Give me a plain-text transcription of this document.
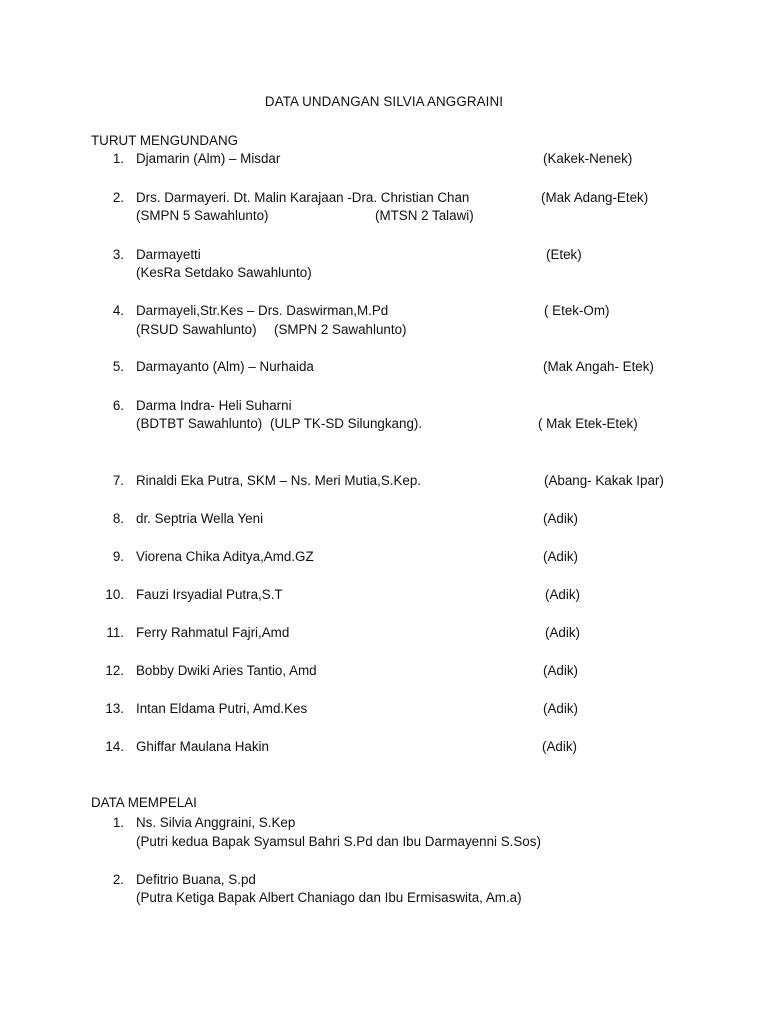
DATA UNDANGAN SILVIA ANGGRAINI
TURUT MENGUNDANG
1. Djamarin (Alm) – Misdar	(Kakek-Nenek)
2. Drs. Darmayeri. Dt. Malin Karajaan -Dra. Christian Chan	(Mak Adang-Etek)
(SMPN 5 Sawahlunto)	(MTSN 2 Talawi)
3. Darmayetti	(Etek)
(KesRa Setdako Sawahlunto)
4. Darmayeli,Str.Kes – Drs. Daswirman,M.Pd	( Etek-Om)
(RSUD Sawahlunto) (SMPN 2 Sawahlunto)
5. Darmayanto (Alm) – Nurhaida	(Mak Angah- Etek)
6. Darma Indra- Heli Suharni
(BDTBT Sawahlunto) (ULP TK-SD Silungkang).	( Mak Etek-Etek)
7. Rinaldi Eka Putra, SKM – Ns. Meri Mutia,S.Kep.	(Abang- Kakak Ipar)
8. dr. Septria Wella Yeni	(Adik)
9. Viorena Chika Aditya,Amd.GZ	(Adik)
10. Fauzi Irsyadial Putra,S.T	(Adik)
11. Ferry Rahmatul Fajri,Amd	(Adik)
12. Bobby Dwiki Aries Tantio, Amd	(Adik)
13. Intan Eldama Putri, Amd.Kes	(Adik)
14. Ghiffar Maulana Hakin	(Adik)
DATA MEMPELAI
1. Ns. Silvia Anggraini, S.Kep
(Putri kedua Bapak Syamsul Bahri S.Pd dan Ibu Darmayenni S.Sos)
2. Defitrio Buana, S.pd
(Putra Ketiga Bapak Albert Chaniago dan Ibu Ermisaswita, Am.a)
